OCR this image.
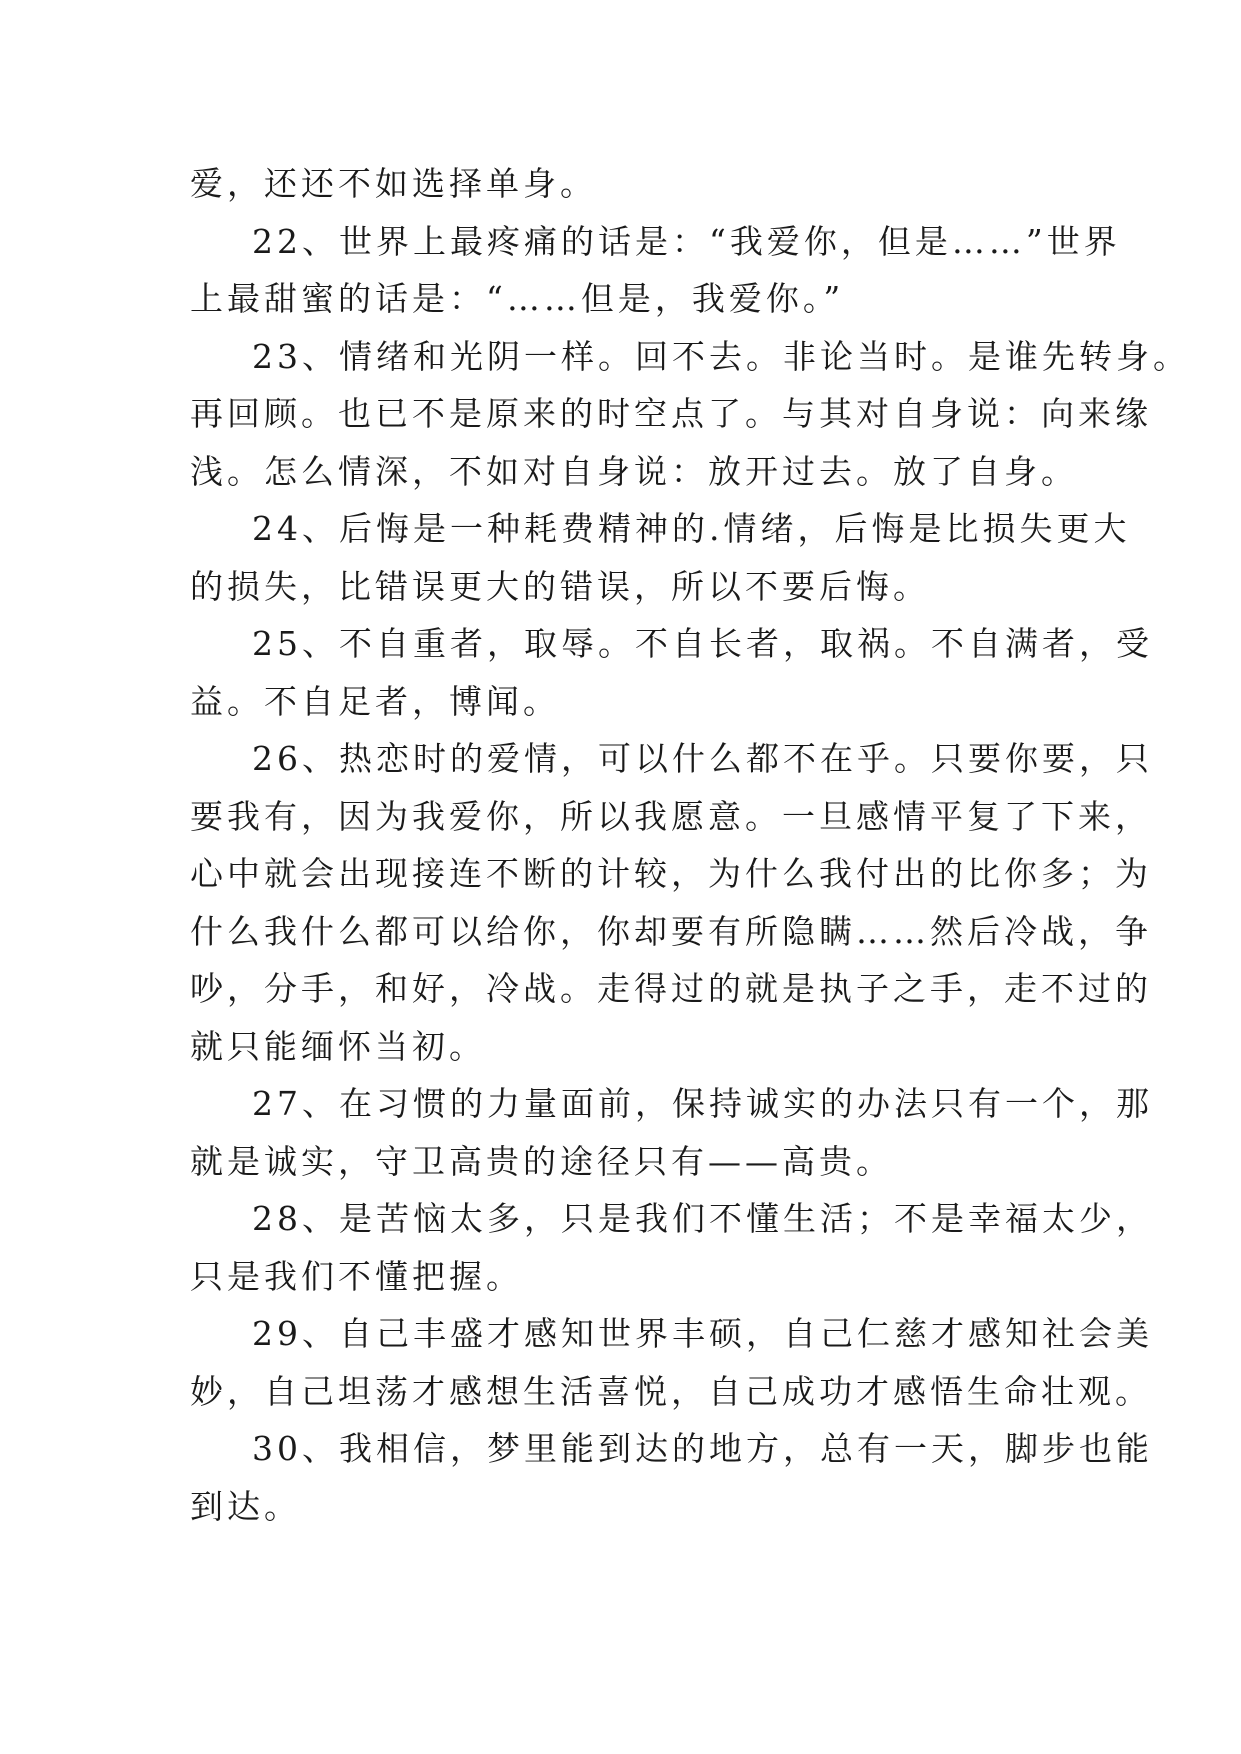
爱，还还不如选择单身。
22、世界上最疼痛的话是：“我爱你，但是……”世界
上最甜蜜的话是：“……但是，我爱你。”
23、情绪和光阴一样。回不去。非论当时。是谁先转身。
再回顾。也已不是原来的时空点了。与其对自身说：向来缘
浅。怎么情深，不如对自身说：放开过去。放了自身。
24、后悔是一种耗费精神的.情绪，后悔是比损失更大
的损失，比错误更大的错误，所以不要后悔。
25、不自重者，取辱。不自长者，取祸。不自满者，受
益。不自足者，博闻。
26、热恋时的爱情，可以什么都不在乎。只要你要，只
要我有，因为我爱你，所以我愿意。一旦感情平复了下来，
心中就会出现接连不断的计较，为什么我付出的比你多；为
什么我什么都可以给你，你却要有所隐瞒……然后冷战，争
吵，分手，和好，冷战。走得过的就是执子之手，走不过的
就只能缅怀当初。
27、在习惯的力量面前，保持诚实的办法只有一个，那
就是诚实，守卫高贵的途径只有——高贵。
28、是苦恼太多，只是我们不懂生活；不是幸福太少，
只是我们不懂把握。
29、自己丰盛才感知世界丰硕，自己仁慈才感知社会美
妙，自己坦荡才感想生活喜悦，自己成功才感悟生命壮观。
30、我相信，梦里能到达的地方，总有一天，脚步也能
到达。
